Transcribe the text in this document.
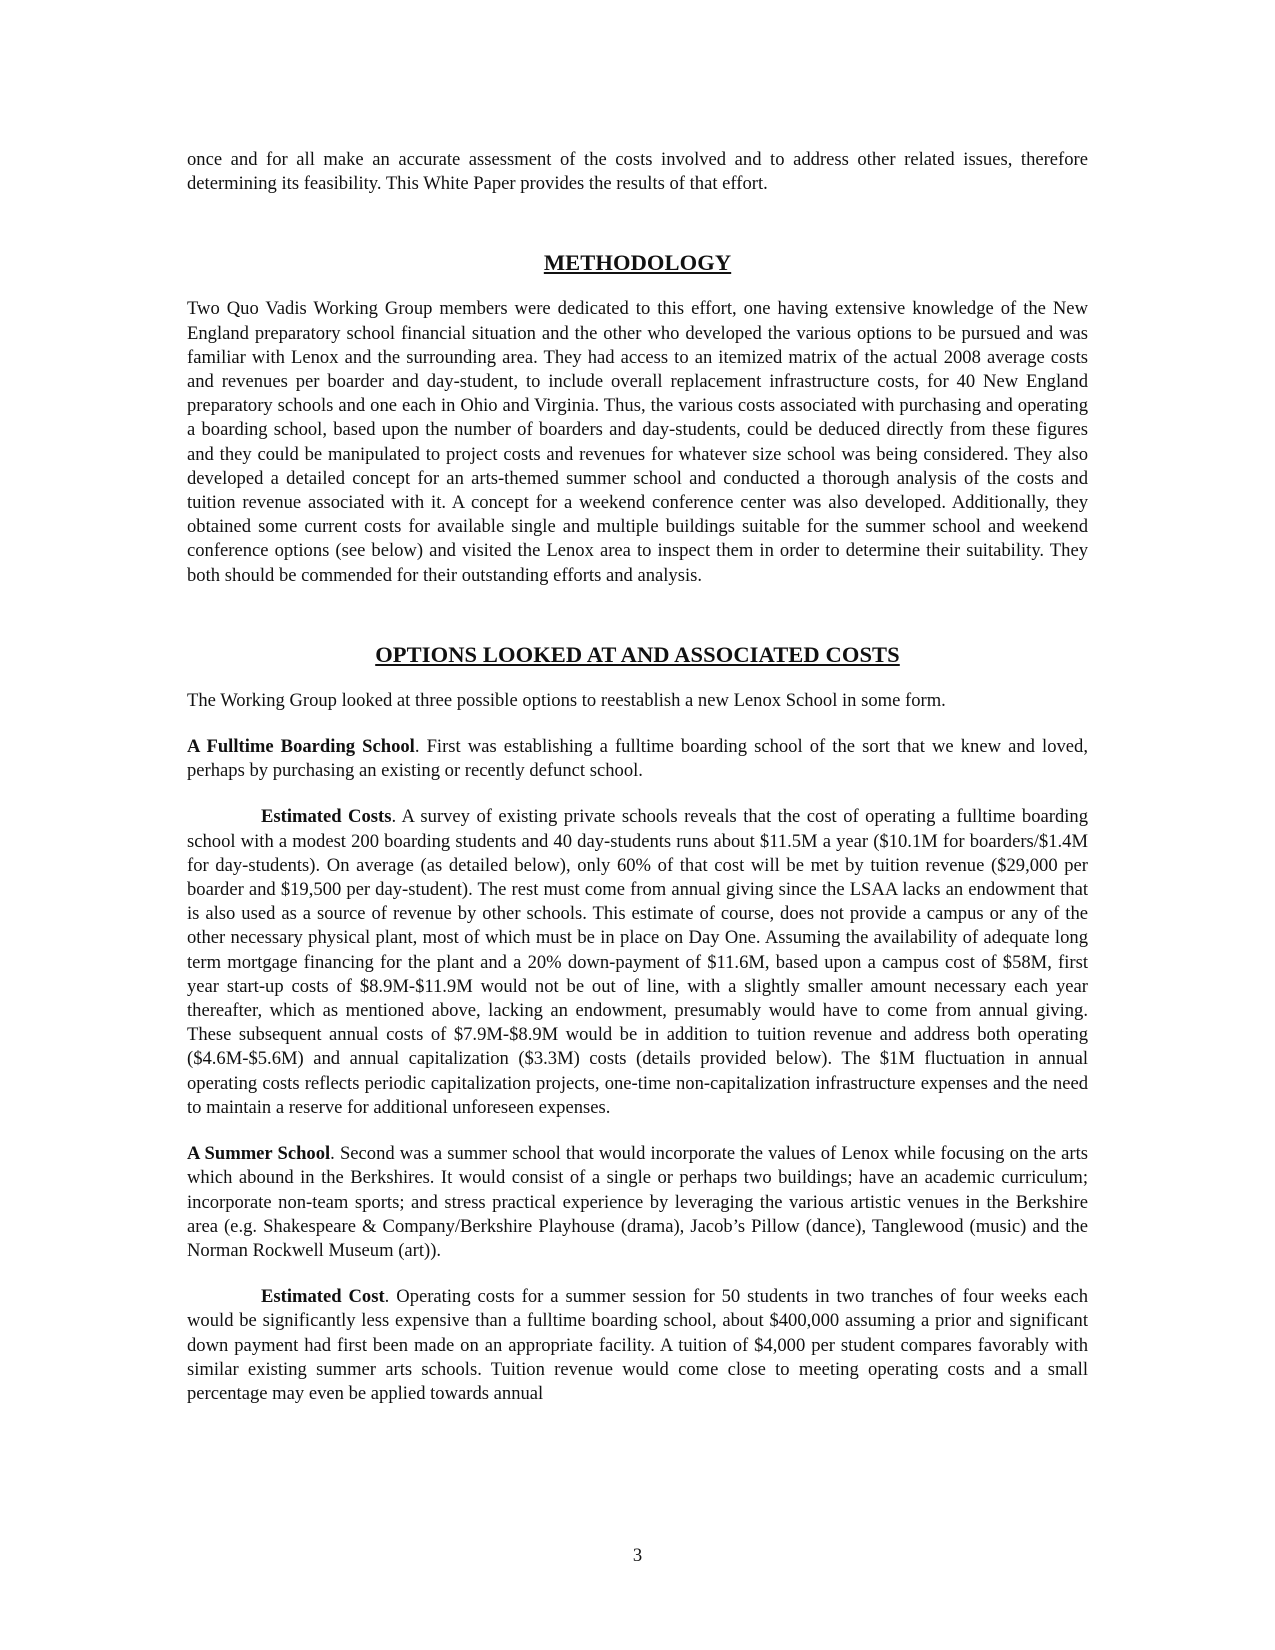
once and for all make an accurate assessment of the costs involved and to address other related issues, therefore determining its feasibility. This White Paper provides the results of that effort.

METHODOLOGY

Two Quo Vadis Working Group members were dedicated to this effort, one having extensive knowledge of the New England preparatory school financial situation and the other who developed the various options to be pursued and was familiar with Lenox and the surrounding area. They had access to an itemized matrix of the actual 2008 average costs and revenues per boarder and day-student, to include overall replacement infrastructure costs, for 40 New England preparatory schools and one each in Ohio and Virginia. Thus, the various costs associated with purchasing and operating a boarding school, based upon the number of boarders and day-students, could be deduced directly from these figures and they could be manipulated to project costs and revenues for whatever size school was being considered. They also developed a detailed concept for an arts-themed summer school and conducted a thorough analysis of the costs and tuition revenue associated with it. A concept for a weekend conference center was also developed. Additionally, they obtained some current costs for available single and multiple buildings suitable for the summer school and weekend conference options (see below) and visited the Lenox area to inspect them in order to determine their suitability. They both should be commended for their outstanding efforts and analysis.

OPTIONS LOOKED AT AND ASSOCIATED COSTS

The Working Group looked at three possible options to reestablish a new Lenox School in some form.

A Fulltime Boarding School. First was establishing a fulltime boarding school of the sort that we knew and loved, perhaps by purchasing an existing or recently defunct school.

Estimated Costs. A survey of existing private schools reveals that the cost of operating a fulltime boarding school with a modest 200 boarding students and 40 day-students runs about $11.5M a year ($10.1M for boarders/$1.4M for day-students). On average (as detailed below), only 60% of that cost will be met by tuition revenue ($29,000 per boarder and $19,500 per day-student). The rest must come from annual giving since the LSAA lacks an endowment that is also used as a source of revenue by other schools. This estimate of course, does not provide a campus or any of the other necessary physical plant, most of which must be in place on Day One. Assuming the availability of adequate long term mortgage financing for the plant and a 20% down-payment of $11.6M, based upon a campus cost of $58M, first year start-up costs of $8.9M-$11.9M would not be out of line, with a slightly smaller amount necessary each year thereafter, which as mentioned above, lacking an endowment, presumably would have to come from annual giving. These subsequent annual costs of $7.9M-$8.9M would be in addition to tuition revenue and address both operating ($4.6M-$5.6M) and annual capitalization ($3.3M) costs (details provided below). The $1M fluctuation in annual operating costs reflects periodic capitalization projects, one-time non-capitalization infrastructure expenses and the need to maintain a reserve for additional unforeseen expenses.

A Summer School. Second was a summer school that would incorporate the values of Lenox while focusing on the arts which abound in the Berkshires. It would consist of a single or perhaps two buildings; have an academic curriculum; incorporate non-team sports; and stress practical experience by leveraging the various artistic venues in the Berkshire area (e.g. Shakespeare & Company/Berkshire Playhouse (drama), Jacob’s Pillow (dance), Tanglewood (music) and the Norman Rockwell Museum (art)).

Estimated Cost. Operating costs for a summer session for 50 students in two tranches of four weeks each would be significantly less expensive than a fulltime boarding school, about $400,000 assuming a prior and significant down payment had first been made on an appropriate facility. A tuition of $4,000 per student compares favorably with similar existing summer arts schools. Tuition revenue would come close to meeting operating costs and a small percentage may even be applied towards annual

3
